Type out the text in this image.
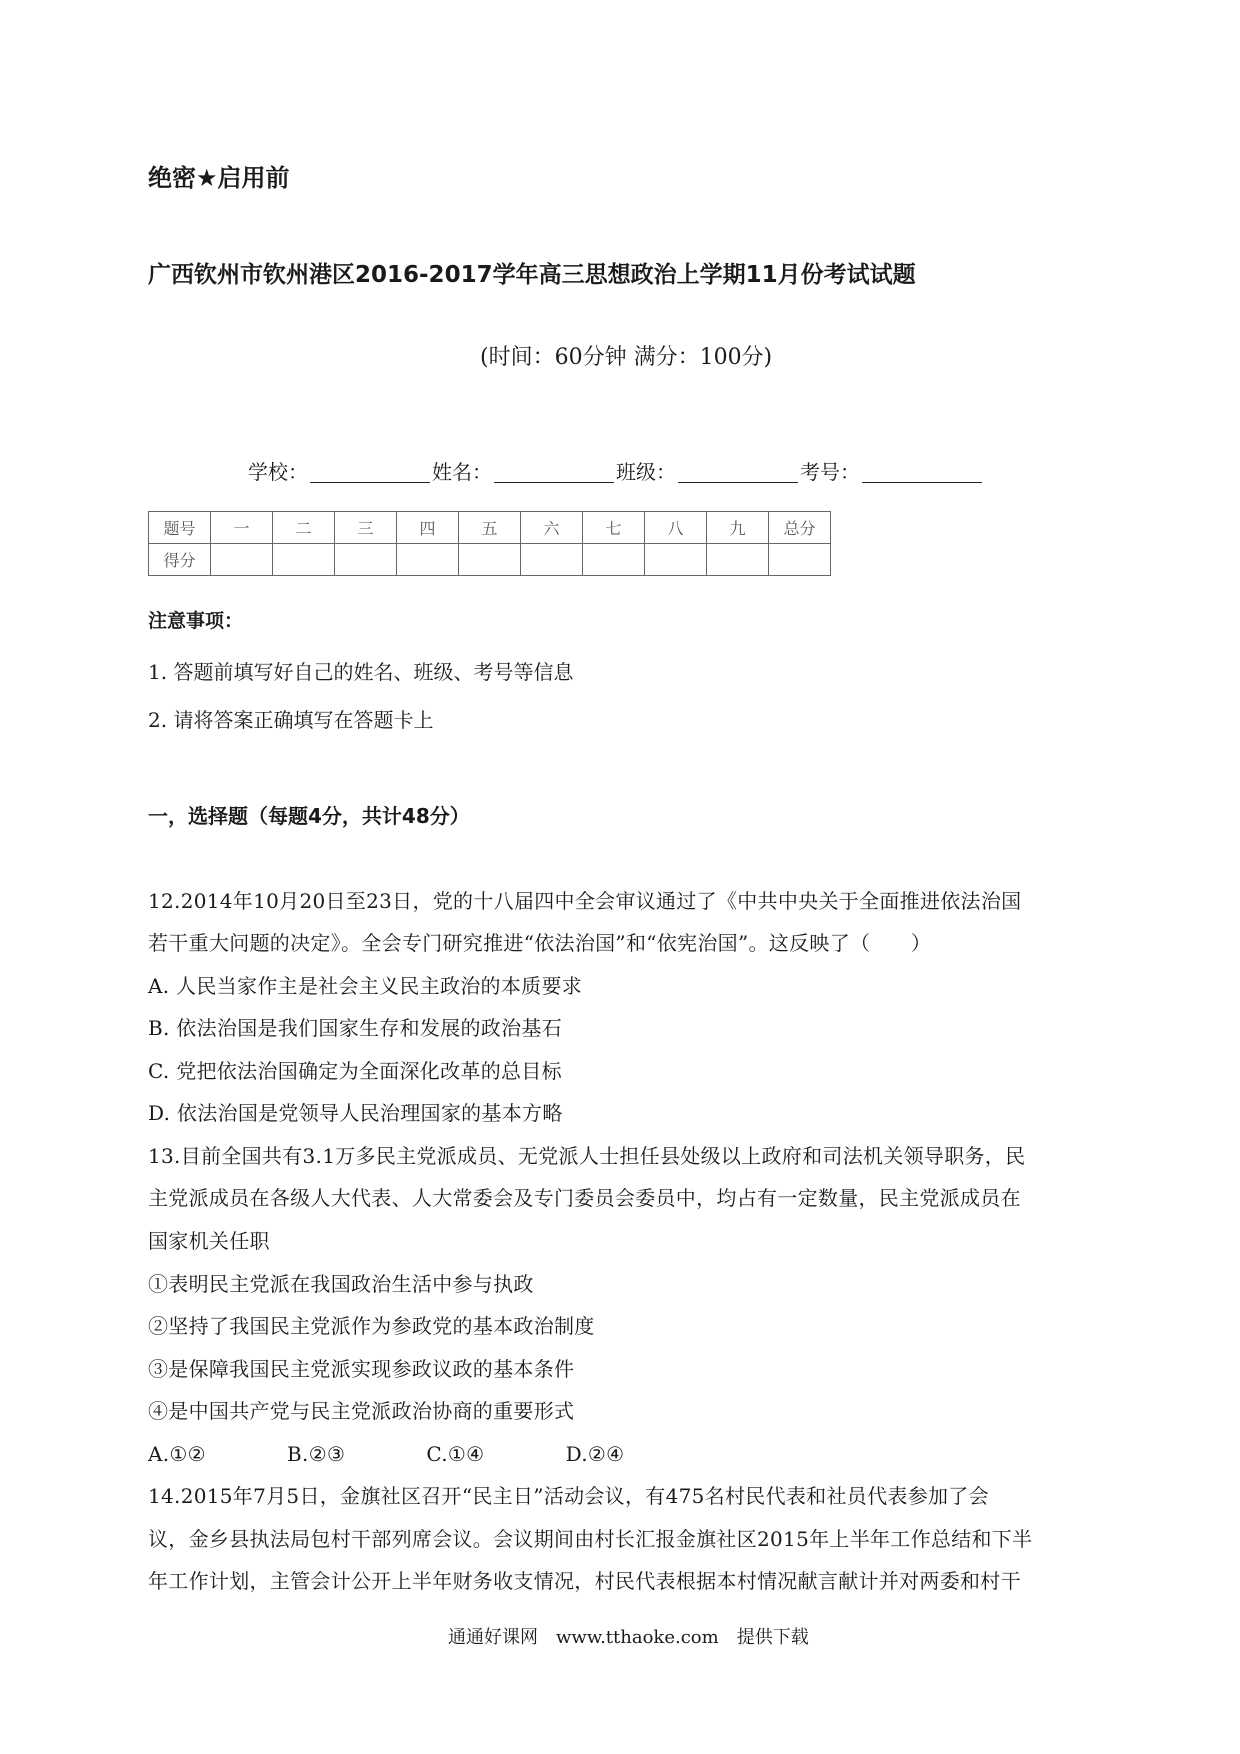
绝密★启用前
广西钦州市钦州港区2016-2017学年高三思想政治上学期11月份考试试题
(时间：60分钟 满分：100分)
学校：	姓名：	班级：	考号：
题号	一	二	三	四	五	六	七	八	九	总分
得分										
注意事项：
1. 答题前填写好自己的姓名、班级、考号等信息
2. 请将答案正确填写在答题卡上
一，选择题（每题4分，共计48分）
12.2014年10月20日至23日，党的十八届四中全会审议通过了《中共中央关于全面推进依法治国
若干重大问题的决定》。全会专门研究推进“依法治国”和“依宪治国”。这反映了（　　）
A. 人民当家作主是社会主义民主政治的本质要求
B. 依法治国是我们国家生存和发展的政治基石
C. 党把依法治国确定为全面深化改革的总目标
D. 依法治国是党领导人民治理国家的基本方略
13.目前全国共有3.1万多民主党派成员、无党派人士担任县处级以上政府和司法机关领导职务，民
主党派成员在各级人大代表、人大常委会及专门委员会委员中，均占有一定数量，民主党派成员在
国家机关任职
①表明民主党派在我国政治生活中参与执政
②坚持了我国民主党派作为参政党的基本政治制度
③是保障我国民主党派实现参政议政的基本条件
④是中国共产党与民主党派政治协商的重要形式
A.①②　　　　B.②③　　　　C.①④　　　　D.②④
14.2015年7月5日，金旗社区召开“民主日”活动会议，有475名村民代表和社员代表参加了会
议，金乡县执法局包村干部列席会议。会议期间由村长汇报金旗社区2015年上半年工作总结和下半
年工作计划，主管会计公开上半年财务收支情况，村民代表根据本村情况献言献计并对两委和村干
通通好课网　www.tthaoke.com　提供下载
